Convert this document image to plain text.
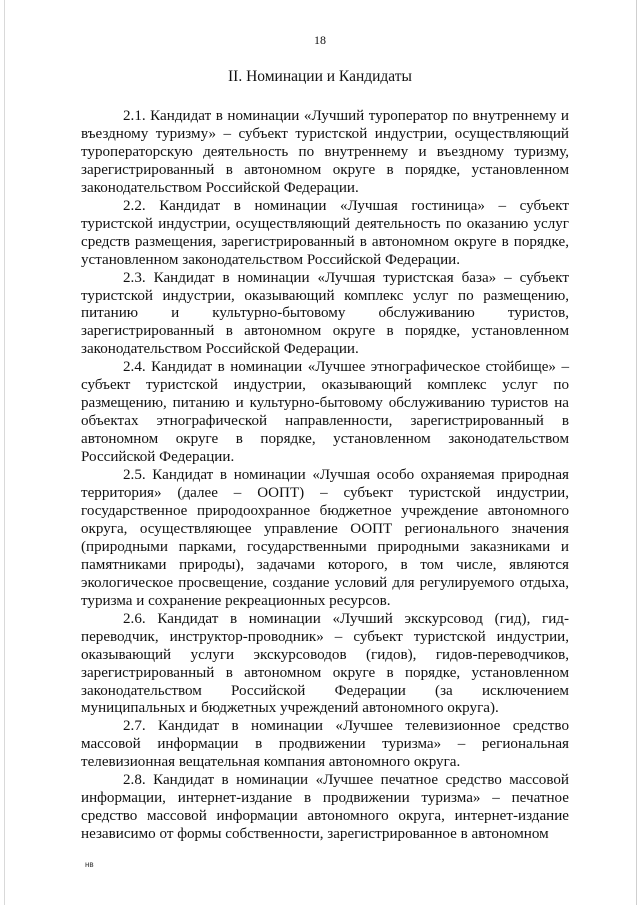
18
II. Номинации и Кандидаты

2.1. Кандидат в номинации «Лучший туроператор по внутреннему и въездному туризму» – субъект туристской индустрии, осуществляющий туроператорскую деятельность по внутреннему и въездному туризму, зарегистрированный в автономном округе в порядке, установленном законодательством Российской Федерации.

2.2. Кандидат в номинации «Лучшая гостиница» – субъект туристской индустрии, осуществляющий деятельность по оказанию услуг средств размещения, зарегистрированный в автономном округе в порядке, установленном законодательством Российской Федерации.

2.3. Кандидат в номинации «Лучшая туристская база» – субъект туристской индустрии, оказывающий комплекс услуг по размещению, питанию и культурно-бытовому обслуживанию туристов, зарегистрированный в автономном округе в порядке, установленном законодательством Российской Федерации.

2.4. Кандидат в номинации «Лучшее этнографическое стойбище» – субъект туристской индустрии, оказывающий комплекс услуг по размещению, питанию и культурно-бытовому обслуживанию туристов на объектах этнографической направленности, зарегистрированный в автономном округе в порядке, установленном законодательством Российской Федерации.

2.5. Кандидат в номинации «Лучшая особо охраняемая природная территория» (далее – ООПТ) – субъект туристской индустрии, государственное природоохранное бюджетное учреждение автономного округа, осуществляющее управление ООПТ регионального значения (природными парками, государственными природными заказниками и памятниками природы), задачами которого, в том числе, являются экологическое просвещение, создание условий для регулируемого отдыха, туризма и сохранение рекреационных ресурсов.

2.6. Кандидат в номинации «Лучший экскурсовод (гид), гид-переводчик, инструктор-проводник» – субъект туристской индустрии, оказывающий услуги экскурсоводов (гидов), гидов-переводчиков, зарегистрированный в автономном округе в порядке, установленном законодательством Российской Федерации (за исключением муниципальных и бюджетных учреждений автономного округа).

2.7. Кандидат в номинации «Лучшее телевизионное средство массовой информации в продвижении туризма» – региональная телевизионная вещательная компания автономного округа.

2.8. Кандидат в номинации «Лучшее печатное средство массовой информации, интернет-издание в продвижении туризма» – печатное средство массовой информации автономного округа, интернет-издание независимо от формы собственности, зарегистрированное в автономном

нв
